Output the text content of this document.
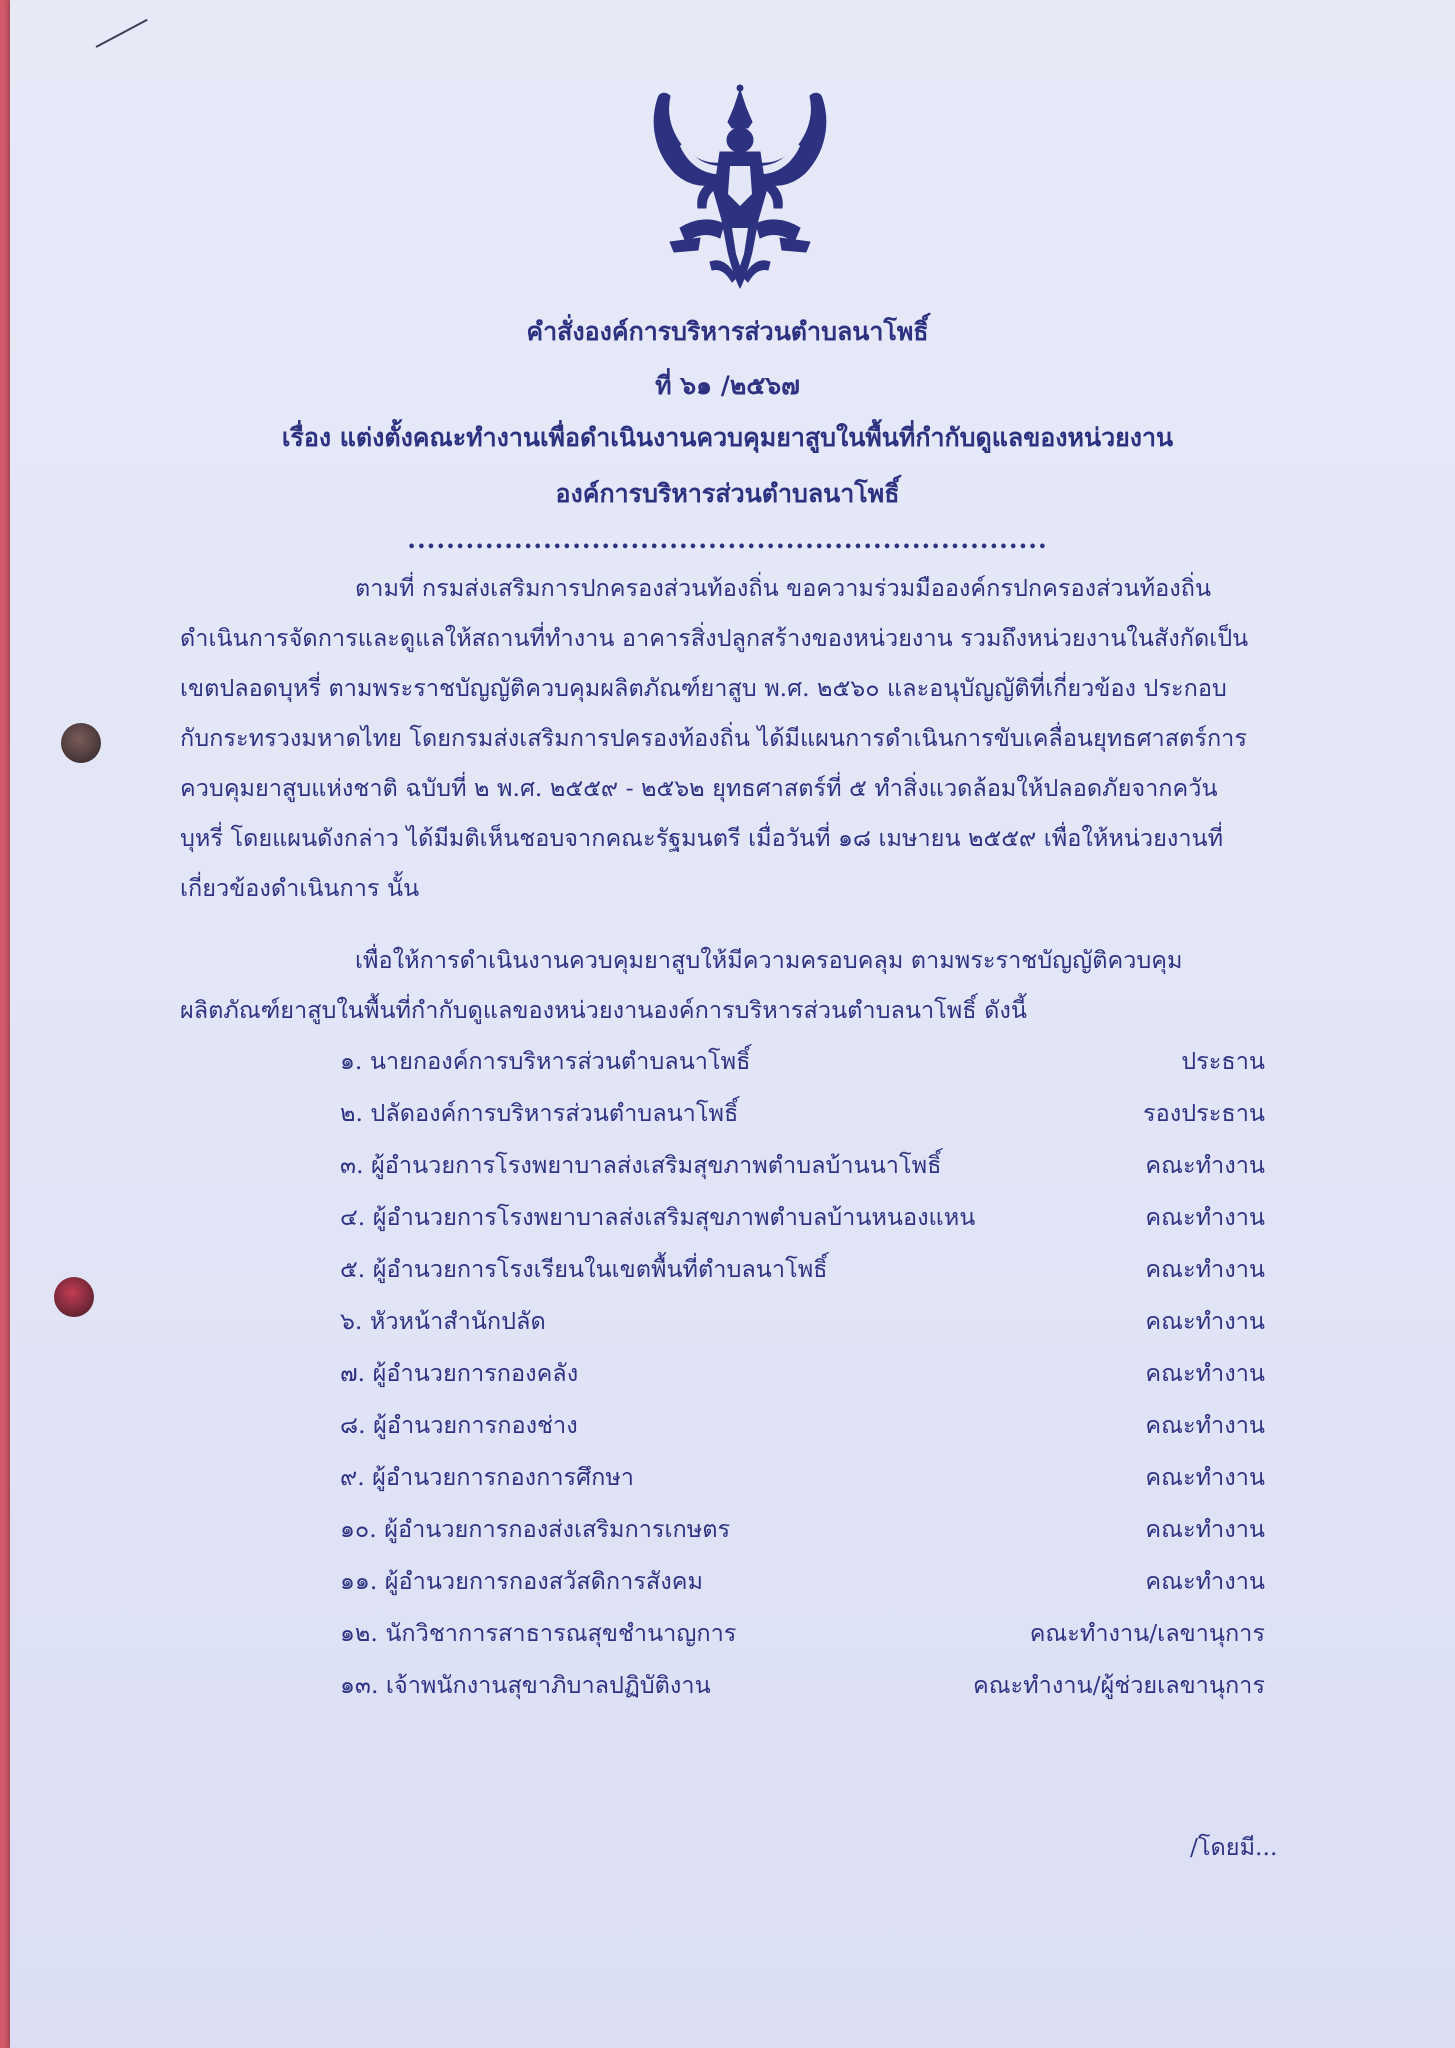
คำสั่งองค์การบริหารส่วนตำบลนาโพธิ์
ที่ ๖๑ /๒๕๖๗
เรื่อง แต่งตั้งคณะทำงานเพื่อดำเนินงานควบคุมยาสูบในพื้นที่กำกับดูแลของหน่วยงาน
องค์การบริหารส่วนตำบลนาโพธิ์
..................................................................
ตามที่ กรมส่งเสริมการปกครองส่วนท้องถิ่น ขอความร่วมมือองค์กรปกครองส่วนท้องถิ่น
ดำเนินการจัดการและดูแลให้สถานที่ทำงาน อาคารสิ่งปลูกสร้างของหน่วยงาน รวมถึงหน่วยงานในสังกัดเป็น
เขตปลอดบุหรี่ ตามพระราชบัญญัติควบคุมผลิตภัณฑ์ยาสูบ พ.ศ. ๒๕๖๐ และอนุบัญญัติที่เกี่ยวข้อง ประกอบ
กับกระทรวงมหาดไทย โดยกรมส่งเสริมการปครองท้องถิ่น ได้มีแผนการดำเนินการขับเคลื่อนยุทธศาสตร์การ
ควบคุมยาสูบแห่งชาติ ฉบับที่ ๒ พ.ศ. ๒๕๕๙ - ๒๕๖๒ ยุทธศาสตร์ที่ ๕ ทำสิ่งแวดล้อมให้ปลอดภัยจากควัน
บุหรี่ โดยแผนดังกล่าว ได้มีมติเห็นชอบจากคณะรัฐมนตรี เมื่อวันที่ ๑๘ เมษายน ๒๕๕๙ เพื่อให้หน่วยงานที่
เกี่ยวข้องดำเนินการ นั้น
เพื่อให้การดำเนินงานควบคุมยาสูบให้มีความครอบคลุม ตามพระราชบัญญัติควบคุม
ผลิตภัณฑ์ยาสูบในพื้นที่กำกับดูแลของหน่วยงานองค์การบริหารส่วนตำบลนาโพธิ์ ดังนี้
๑. นายกองค์การบริหารส่วนตำบลนาโพธิ์	ประธาน
๒. ปลัดองค์การบริหารส่วนตำบลนาโพธิ์	รองประธาน
๓. ผู้อำนวยการโรงพยาบาลส่งเสริมสุขภาพตำบลบ้านนาโพธิ์	คณะทำงาน
๔. ผู้อำนวยการโรงพยาบาลส่งเสริมสุขภาพตำบลบ้านหนองแหน	คณะทำงาน
๕. ผู้อำนวยการโรงเรียนในเขตพื้นที่ตำบลนาโพธิ์	คณะทำงาน
๖. หัวหน้าสำนักปลัด	คณะทำงาน
๗. ผู้อำนวยการกองคลัง	คณะทำงาน
๘. ผู้อำนวยการกองช่าง	คณะทำงาน
๙. ผู้อำนวยการกองการศึกษา	คณะทำงาน
๑๐. ผู้อำนวยการกองส่งเสริมการเกษตร	คณะทำงาน
๑๑. ผู้อำนวยการกองสวัสดิการสังคม	คณะทำงาน
๑๒. นักวิชาการสาธารณสุขชำนาญการ	คณะทำงาน/เลขานุการ
๑๓. เจ้าพนักงานสุขาภิบาลปฏิบัติงาน	คณะทำงาน/ผู้ช่วยเลขานุการ
/โดยมี...
